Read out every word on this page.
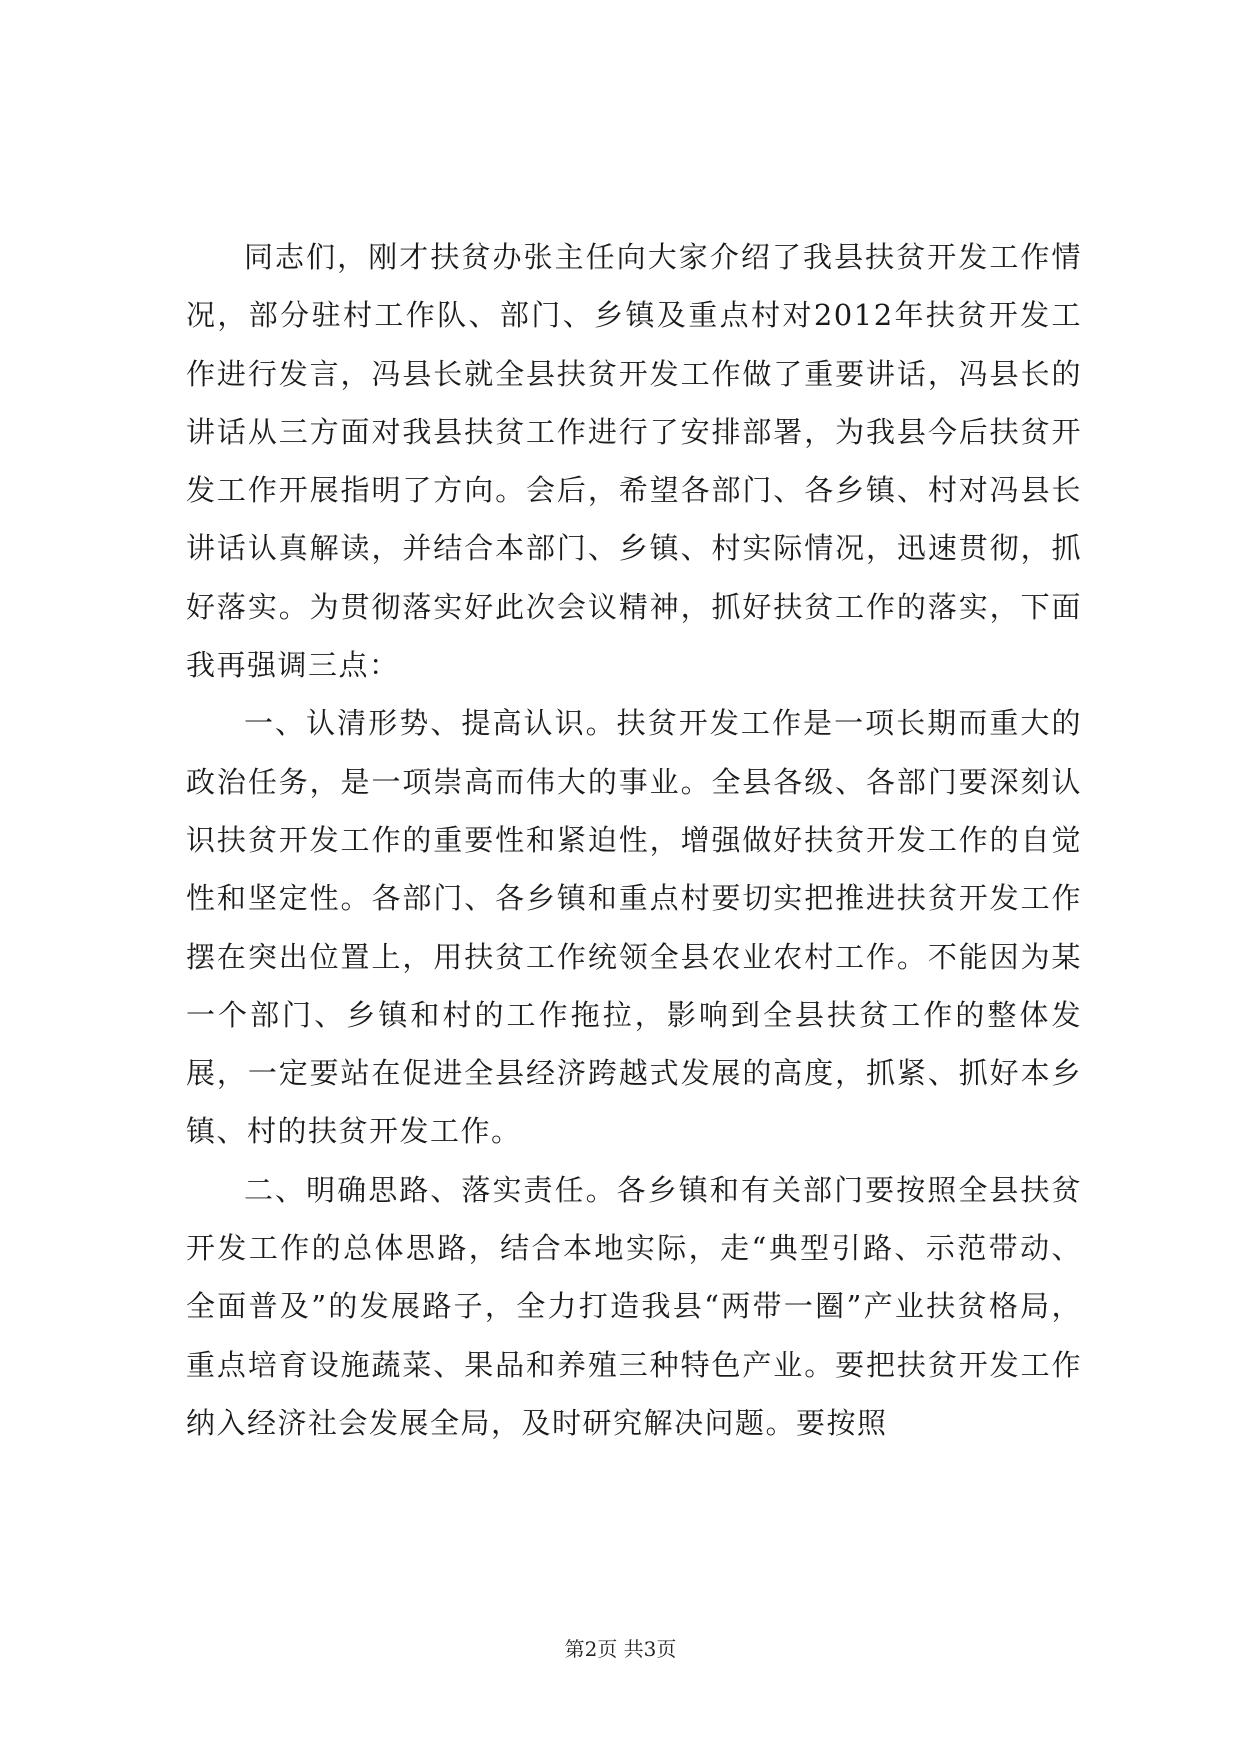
同志们，刚才扶贫办张主任向大家介绍了我县扶贫开发工作情况，部分驻村工作队、部门、乡镇及重点村对2012年扶贫开发工作进行发言，冯县长就全县扶贫开发工作做了重要讲话，冯县长的讲话从三方面对我县扶贫工作进行了安排部署，为我县今后扶贫开发工作开展指明了方向。会后，希望各部门、各乡镇、村对冯县长讲话认真解读，并结合本部门、乡镇、村实际情况，迅速贯彻，抓好落实。为贯彻落实好此次会议精神，抓好扶贫工作的落实，下面我再强调三点：

一、认清形势、提高认识。扶贫开发工作是一项长期而重大的政治任务，是一项崇高而伟大的事业。全县各级、各部门要深刻认识扶贫开发工作的重要性和紧迫性，增强做好扶贫开发工作的自觉性和坚定性。各部门、各乡镇和重点村要切实把推进扶贫开发工作摆在突出位置上，用扶贫工作统领全县农业农村工作。不能因为某一个部门、乡镇和村的工作拖拉，影响到全县扶贫工作的整体发展，一定要站在促进全县经济跨越式发展的高度，抓紧、抓好本乡镇、村的扶贫开发工作。

二、明确思路、落实责任。各乡镇和有关部门要按照全县扶贫开发工作的总体思路，结合本地实际，走“典型引路、示范带动、全面普及”的发展路子，全力打造我县“两带一圈”产业扶贫格局，重点培育设施蔬菜、果品和养殖三种特色产业。要把扶贫开发工作纳入经济社会发展全局，及时研究解决问题。要按照

第2页 共3页
